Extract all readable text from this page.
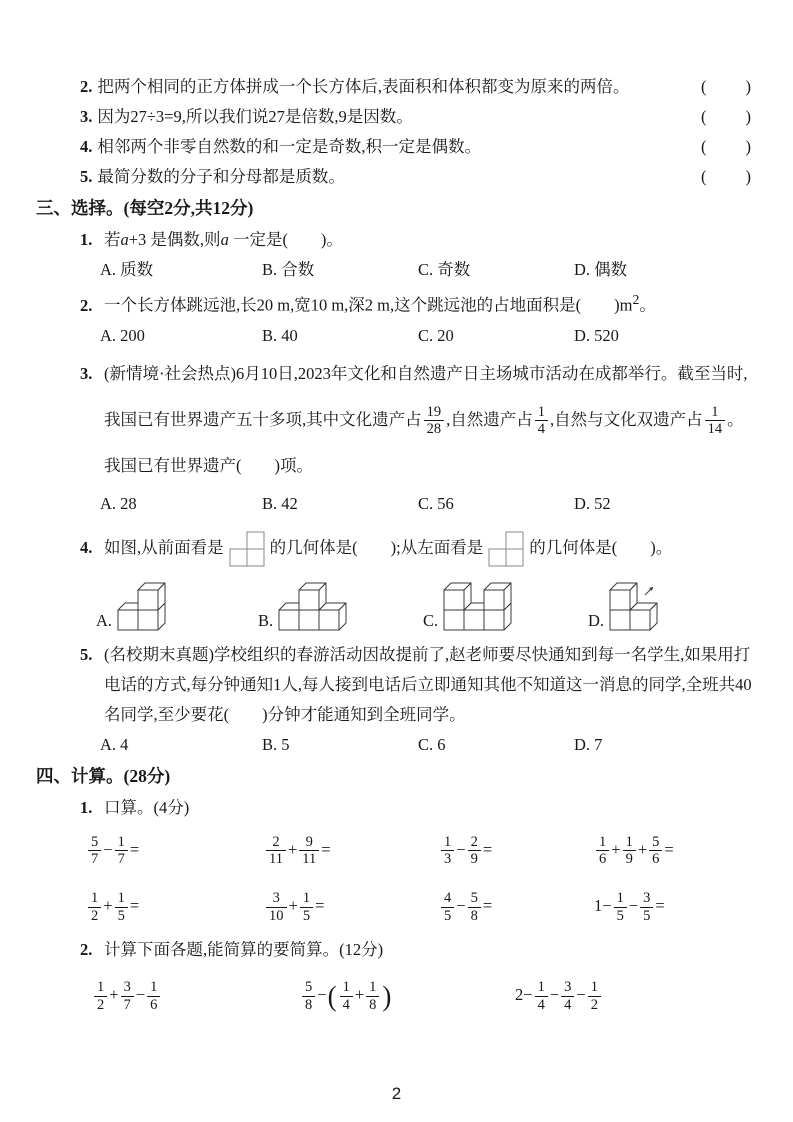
2. 把两个相同的正方体拼成一个长方体后,表面积和体积都变为原来的两倍。	(　　)
3. 因为27÷3=9,所以我们说27是倍数,9是因数。	(　　)
4. 相邻两个非零自然数的和一定是奇数,积一定是偶数。	(　　)
5. 最简分数的分子和分母都是质数。	(　　)
三、选择。(每空2分,共12分)
1. 若a+3 是偶数,则a 一定是(　　)。
A. 质数	B. 合数	C. 奇数	D. 偶数
2. 一个长方体跳远池,长20 m,宽10 m,深2 m,这个跳远池的占地面积是(　　)$m^2$。
A. 200	B. 40	C. 20	D. 520
3. (新情境·社会热点)6月10日,2023年文化和自然遗产日主场城市活动在成都举行。截至当时,我国已有世界遗产五十多项,其中文化遗产占 $\frac{19}{28}$ ,自然遗产占 $\frac{1}{4}$ ,自然与文化双遗产占 $\frac{1}{14}$ 。我国已有世界遗产(　　)项。
A. 28	B. 42	C. 56	D. 52
4. 如图,从前面看是	的几何体是(　　);从左面看是	的几何体是(　　)。
A.	B.	C.	D.
5. (名校期末真题)学校组织的春游活动因故提前了,赵老师要尽快通知到每一名学生,如果用打电话的方式,每分钟通知1人,每人接到电话后立即通知其他不知道这一消息的同学,全班共40名同学,至少要花(　　)分钟才能通知到全班同学。
A. 4	B. 5	C. 6	D. 7
四、计算。(28分)
1. 口算。(4分)
$\frac{5}{7} - \frac{1}{7}$ =	$\frac{2}{11} + \frac{9}{11}$ =	$\frac{1}{3} - \frac{2}{9}$ =	$\frac{1}{6} + \frac{1}{9} + \frac{5}{6}$ =
$\frac{1}{2} + \frac{1}{5}$ =	$\frac{3}{10} + \frac{1}{5}$ =	$\frac{4}{5} - \frac{5}{8}$ =	$1- \frac{1}{5} - \frac{3}{5}$ =
2. 计算下面各题,能简算的要简算。(12分)
$\frac{1}{2} + \frac{3}{7} - \frac{1}{6}$	$\frac{5}{8}$ −( $\frac{1}{4} + \frac{1}{8}$ )	$2- \frac{1}{4} - \frac{3}{4} - \frac{1}{2}$
2
